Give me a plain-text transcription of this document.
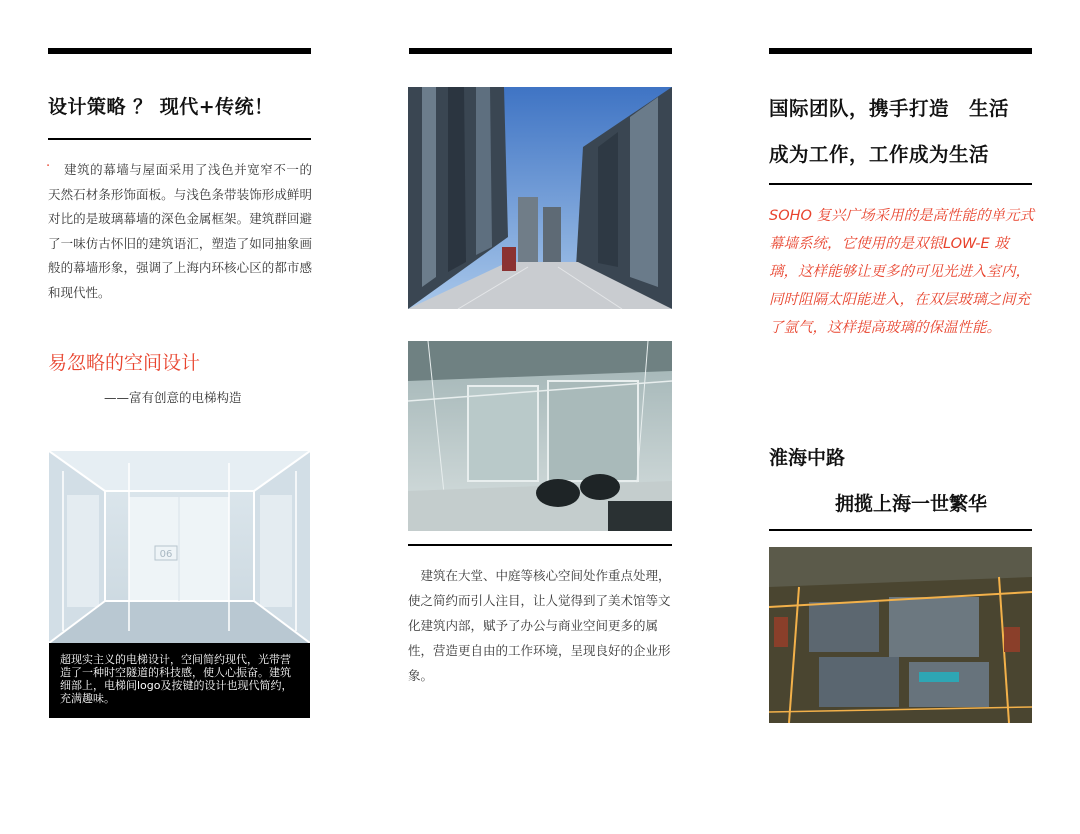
设计策略 ？ 现代+传统！
·	建筑的幕墙与屋面采用了浅色并宽窄不一的天然石材条形饰面板。与浅色条带装饰形成鲜明对比的是玻璃幕墙的深色金属框架。建筑群回避了一味仿古怀旧的建筑语汇，塑造了如同抽象画般的幕墙形象，强调了上海内环核心区的都市感和现代性。
易忽略的空间设计
——富有创意的电梯构造
06
超现实主义的电梯设计，空间简约现代，光带营造了一种时空隧道的科技感，使人心振奋。建筑细部上，电梯间logo及按键的设计也现代简约，充满趣味。
　建筑在大堂、中庭等核心空间处作重点处理，使之简约而引人注目，让人觉得到了美术馆等文化建筑内部，赋予了办公与商业空间更多的属性，营造更自由的工作环境，呈现良好的企业形象。
国际团队，携手打造　生活
成为工作，工作成为生活
SOHO 复兴广场采用的是高性能的单元式幕墙系统，它使用的是双银LOW-E 玻璃，这样能够让更多的可见光进入室内，同时阻隔太阳能进入，在双层玻璃之间充了氩气，这样提高玻璃的保温性能。
淮海中路
拥揽上海一世繁华
